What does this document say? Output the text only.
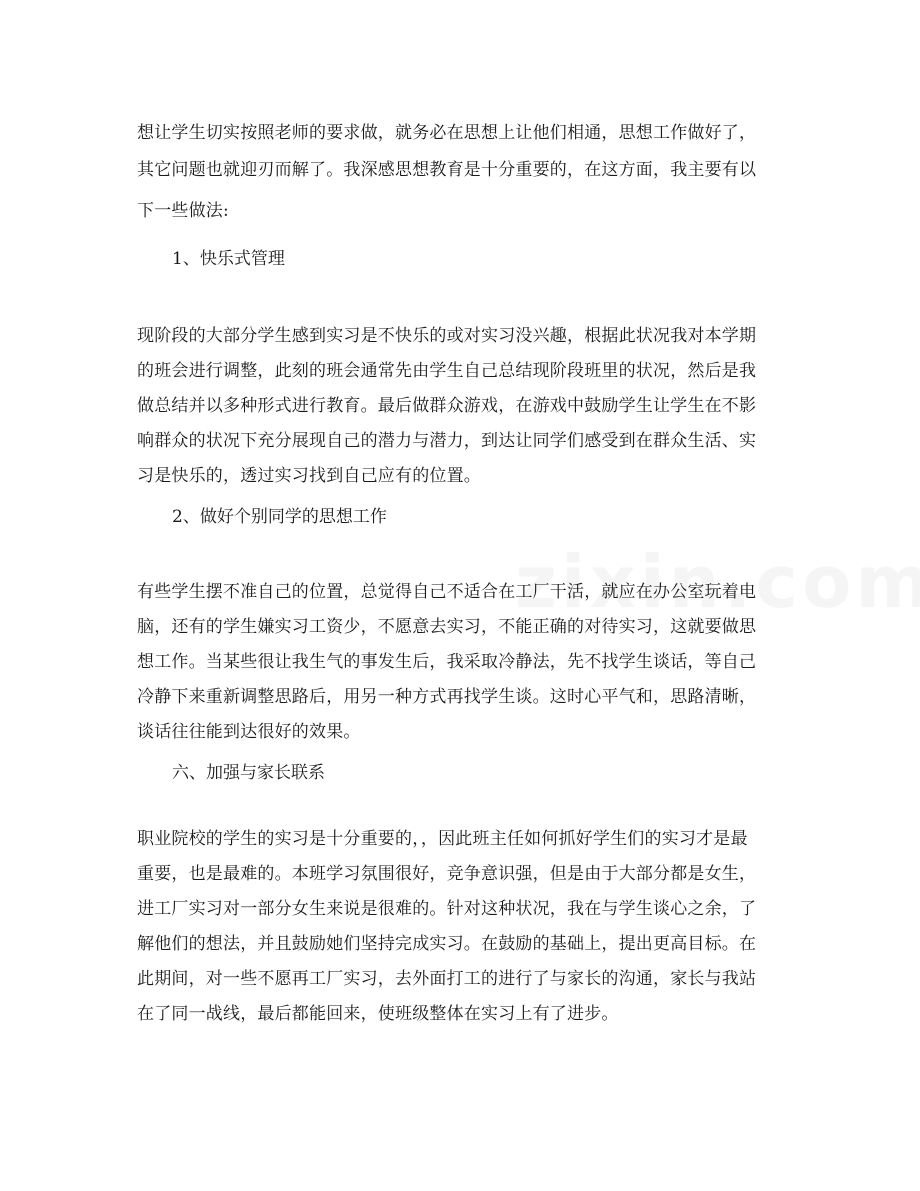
想让学生切实按照老师的要求做，就务必在思想上让他们相通，思想工作做好了，
其它问题也就迎刃而解了。我深感思想教育是十分重要的，在这方面，我主要有以
下一些做法:
1、快乐式管理
现阶段的大部分学生感到实习是不快乐的或对实习没兴趣，根据此状况我对本学期
的班会进行调整，此刻的班会通常先由学生自己总结现阶段班里的状况，然后是我
做总结并以多种形式进行教育。最后做群众游戏，在游戏中鼓励学生让学生在不影
响群众的状况下充分展现自己的潜力与潜力，到达让同学们感受到在群众生活、实
习是快乐的，透过实习找到自己应有的位置。
2、做好个别同学的思想工作
有些学生摆不准自己的位置，总觉得自己不适合在工厂干活，就应在办公室玩着电
脑，还有的学生嫌实习工资少，不愿意去实习，不能正确的对待实习，这就要做思
想工作。当某些很让我生气的事发生后，我采取冷静法，先不找学生谈话，等自己
冷静下来重新调整思路后，用另一种方式再找学生谈。这时心平气和，思路清晰，
谈话往往能到达很好的效果。
六、加强与家长联系
职业院校的学生的实习是十分重要的，，因此班主任如何抓好学生们的实习才是最
重要，也是最难的。本班学习氛围很好，竞争意识强，但是由于大部分都是女生，
进工厂实习对一部分女生来说是很难的。针对这种状况，我在与学生谈心之余，了
解他们的想法，并且鼓励她们坚持完成实习。在鼓励的基础上，提出更高目标。在
此期间，对一些不愿再工厂实习，去外面打工的进行了与家长的沟通，家长与我站
在了同一战线，最后都能回来，使班级整体在实习上有了进步。
